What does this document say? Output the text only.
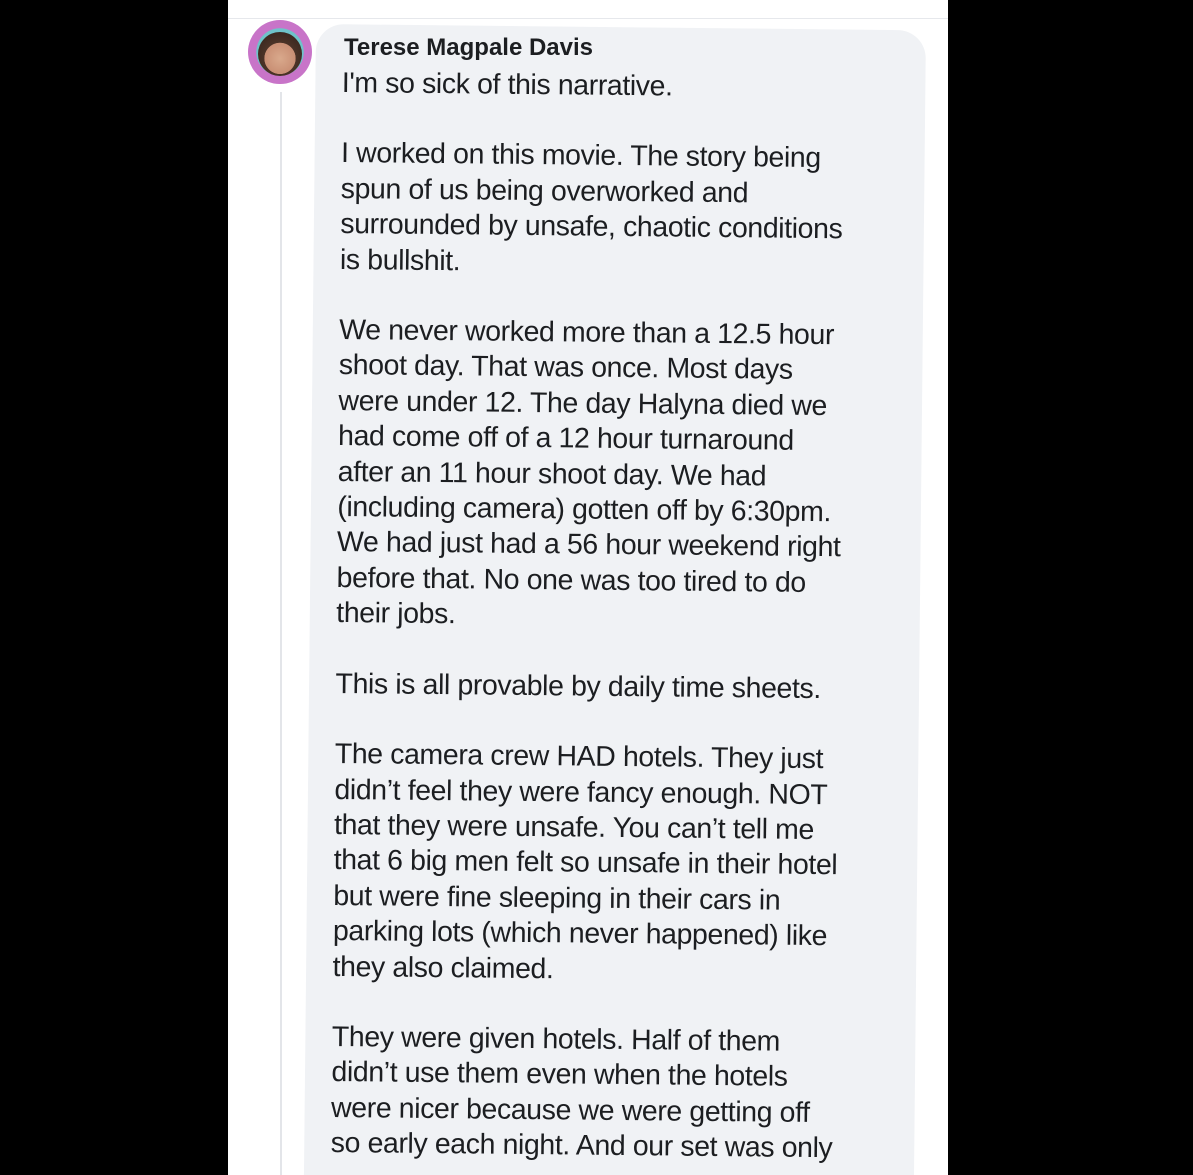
Terese Magpale Davis

I'm so sick of this narrative.

I worked on this movie. The story being
spun of us being overworked and
surrounded by unsafe, chaotic conditions
is bullshit.

We never worked more than a 12.5 hour
shoot day. That was once. Most days
were under 12. The day Halyna died we
had come off of a 12 hour turnaround
after an 11 hour shoot day. We had
(including camera) gotten off by 6:30pm.
We had just had a 56 hour weekend right
before that. No one was too tired to do
their jobs.

This is all provable by daily time sheets.

The camera crew HAD hotels. They just
didn’t feel they were fancy enough. NOT
that they were unsafe. You can’t tell me
that 6 big men felt so unsafe in their hotel
but were fine sleeping in their cars in
parking lots (which never happened) like
they also claimed.

They were given hotels. Half of them
didn’t use them even when the hotels
were nicer because we were getting off
so early each night. And our set was only
